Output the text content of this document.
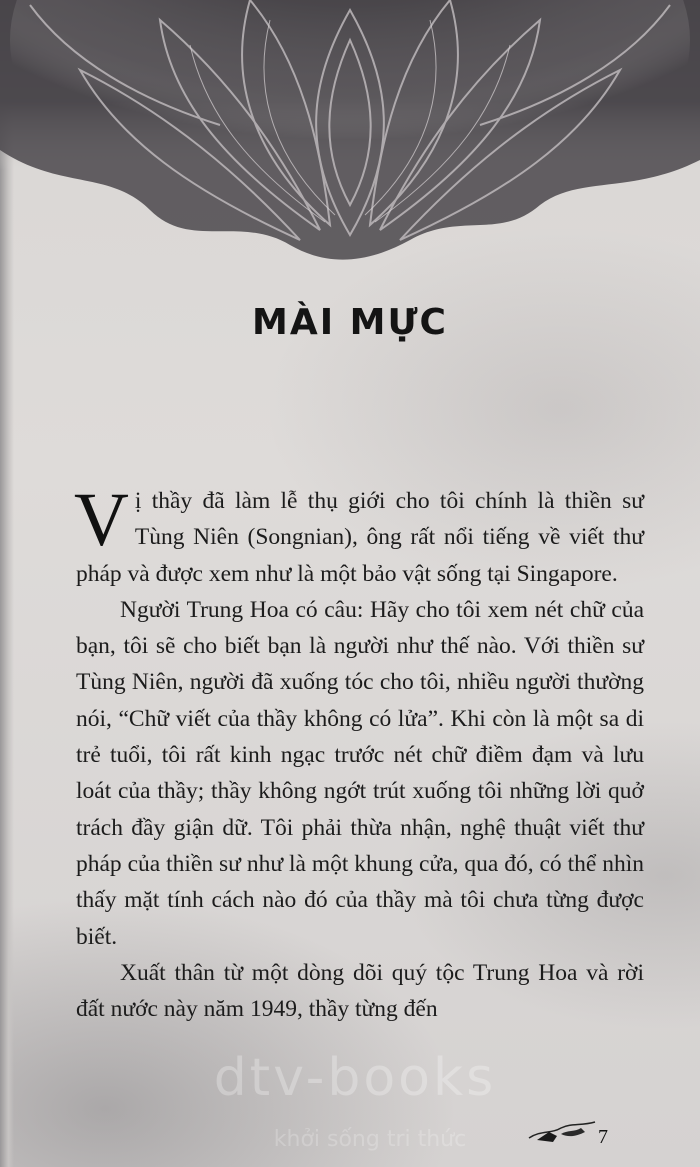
MÀI MỰC

Vị thầy đã làm lễ thụ giới cho tôi chính là thiền sư Tùng Niên (Songnian), ông rất nổi tiếng về viết thư pháp và được xem như là một bảo vật sống tại Singapore.

Người Trung Hoa có câu: Hãy cho tôi xem nét chữ của bạn, tôi sẽ cho biết bạn là người như thế nào. Với thiền sư Tùng Niên, người đã xuống tóc cho tôi, nhiều người thường nói, “Chữ viết của thầy không có lửa”. Khi còn là một sa di trẻ tuổi, tôi rất kinh ngạc trước nét chữ điềm đạm và lưu loát của thầy; thầy không ngớt trút xuống tôi những lời quở trách đầy giận dữ. Tôi phải thừa nhận, nghệ thuật viết thư pháp của thiền sư như là một khung cửa, qua đó, có thể nhìn thấy mặt tính cách nào đó của thầy mà tôi chưa từng được biết.

Xuất thân từ một dòng dõi quý tộc Trung Hoa và rời đất nước này năm 1949, thầy từng đến

dtv-books
khởi sống tri thức	7
